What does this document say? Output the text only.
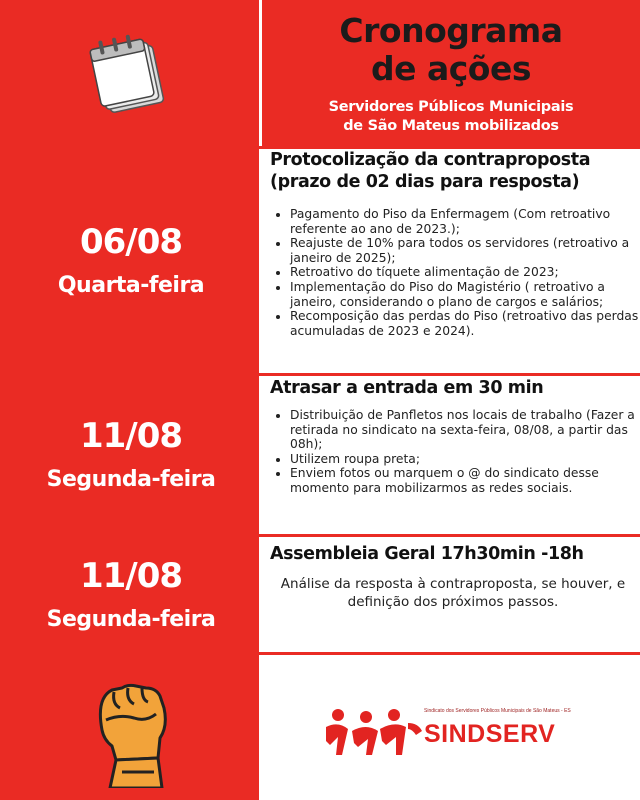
Cronograma
de ações
Servidores Públicos Municipais
de São Mateus mobilizados
06/08
Quarta-feira
Protocolização da contraproposta
(prazo de 02 dias para resposta)
• Pagamento do Piso da Enfermagem (Com retroativo referente ao ano de 2023.);
• Reajuste de 10% para todos os servidores (retroativo a janeiro de 2025);
• Retroativo do tíquete alimentação de 2023;
• Implementação do Piso do Magistério ( retroativo a janeiro, considerando o plano de cargos e salários;
• Recomposição das perdas do Piso (retroativo das perdas acumuladas de 2023 e 2024).
11/08
Segunda-feira
Atrasar a entrada em 30 min
• Distribuição de Panfletos nos locais de trabalho (Fazer a retirada no sindicato na sexta-feira, 08/08, a partir das 08h);
• Utilizem roupa preta;
• Enviem fotos ou marquem o @ do sindicato desse momento para mobilizarmos as redes sociais.
11/08
Segunda-feira
Assembleia Geral 17h30min -18h
Análise da resposta à contraproposta, se houver, e definição dos próximos passos.
Sindicato dos Servidores Públicos Municipais de São Mateus - ES
SINDSERV
